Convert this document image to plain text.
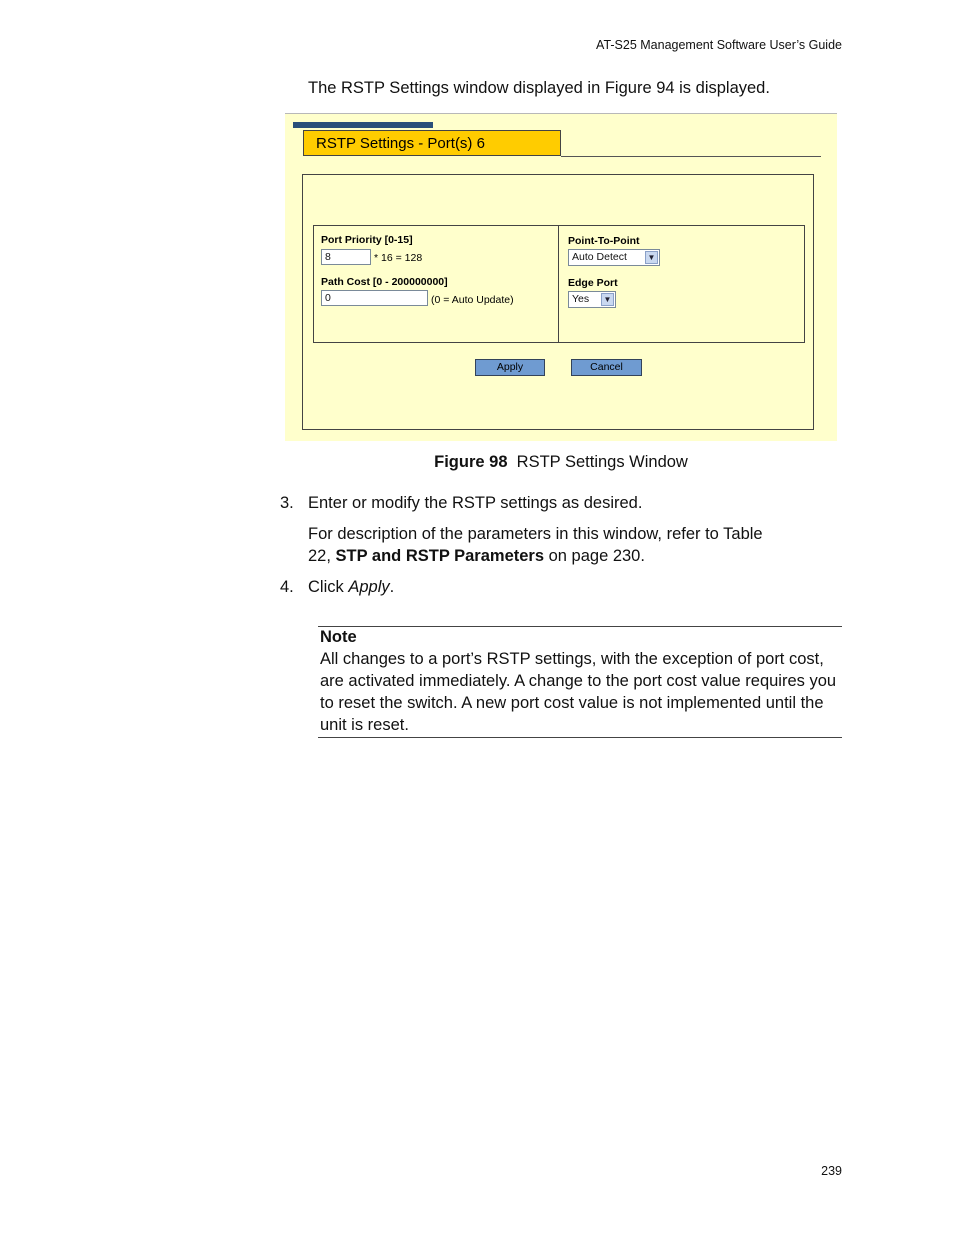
AT-S25 Management Software User’s Guide
The RSTP Settings window displayed in Figure 94 is displayed.
RSTP Settings - Port(s) 6
Port Priority [0-15]
8	* 16 = 128
Path Cost [0 - 200000000]
0	(0 = Auto Update)
Point-To-Point
Auto Detect	▼
Edge Port
Yes	▼
Apply	Cancel
Figure 98 RSTP Settings Window
3. Enter or modify the RSTP settings as desired.
For description of the parameters in this window, refer to Table
22, STP and RSTP Parameters on page 230.
4. Click Apply.
Note
All changes to a port’s RSTP settings, with the exception of port cost, are activated immediately. A change to the port cost value requires you to reset the switch. A new port cost value is not implemented until the unit is reset.
239
